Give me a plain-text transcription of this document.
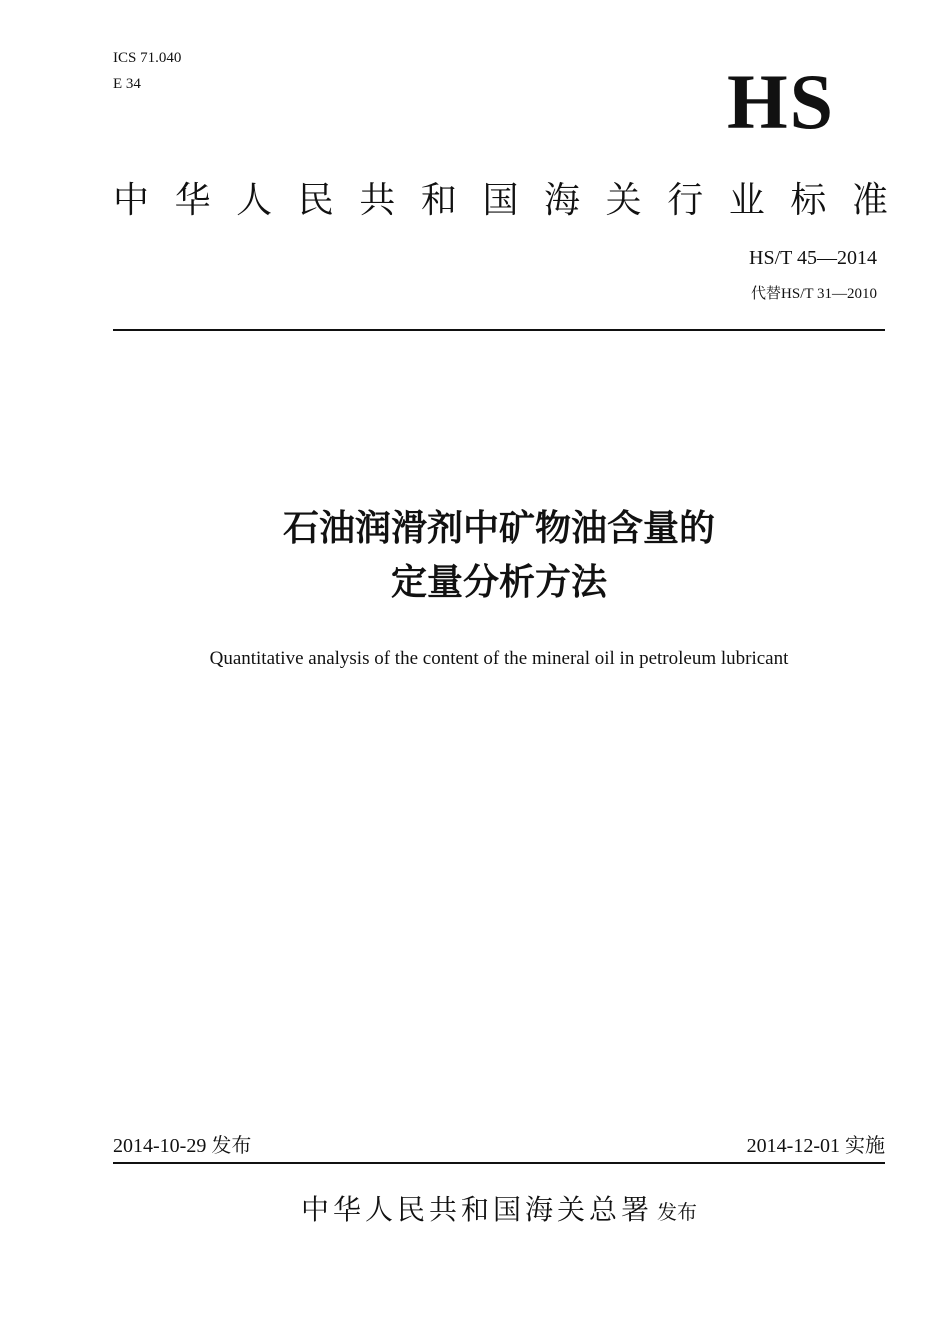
ICS 71.040
E 34	HS
中 华 人 民 共 和 国 海 关 行 业 标 准
HS/T 45—2014
代替HS/T 31—2010
石油润滑剂中矿物油含量的
定量分析方法
Quantitative analysis of the content of the mineral oil in petroleum lubricant
2014-10-29 发布	2014-12-01 实施
中华人民共和国海关总署 发布
